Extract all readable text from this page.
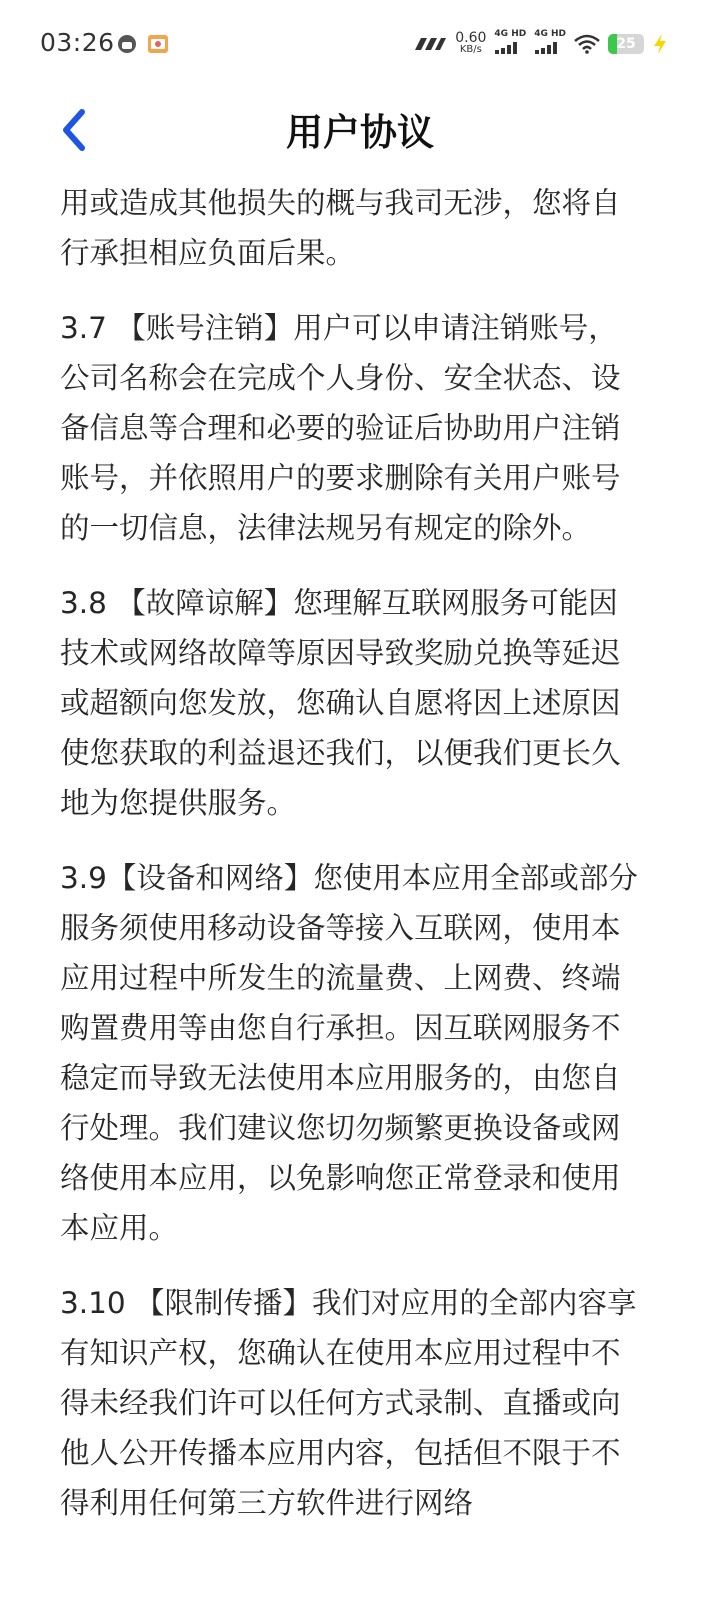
03:26	0.60
KB/s
4G HD 4G HD
25
用户协议

用或造成其他损失的概与我司无涉，您将自行承担相应负面后果。

3.7 【账号注销】用户可以申请注销账号，公司名称会在完成个人身份、安全状态、设备信息等合理和必要的验证后协助用户注销账号，并依照用户的要求删除有关用户账号的一切信息，法律法规另有规定的除外。

3.8 【故障谅解】您理解互联网服务可能因技术或网络故障等原因导致奖励兑换等延迟或超额向您发放，您确认自愿将因上述原因使您获取的利益退还我们，以便我们更长久地为您提供服务。

3.9【设备和网络】您使用本应用全部或部分服务须使用移动设备等接入互联网，使用本应用过程中所发生的流量费、上网费、终端购置费用等由您自行承担。因互联网服务不稳定而导致无法使用本应用服务的，由您自行处理。我们建议您切勿频繁更换设备或网络使用本应用，以免影响您正常登录和使用本应用。

3.10 【限制传播】我们对应用的全部内容享有知识产权，您确认在使用本应用过程中不得未经我们许可以任何方式录制、直播或向他人公开传播本应用内容，包括但不限于不得利用任何第三方软件进行网络
